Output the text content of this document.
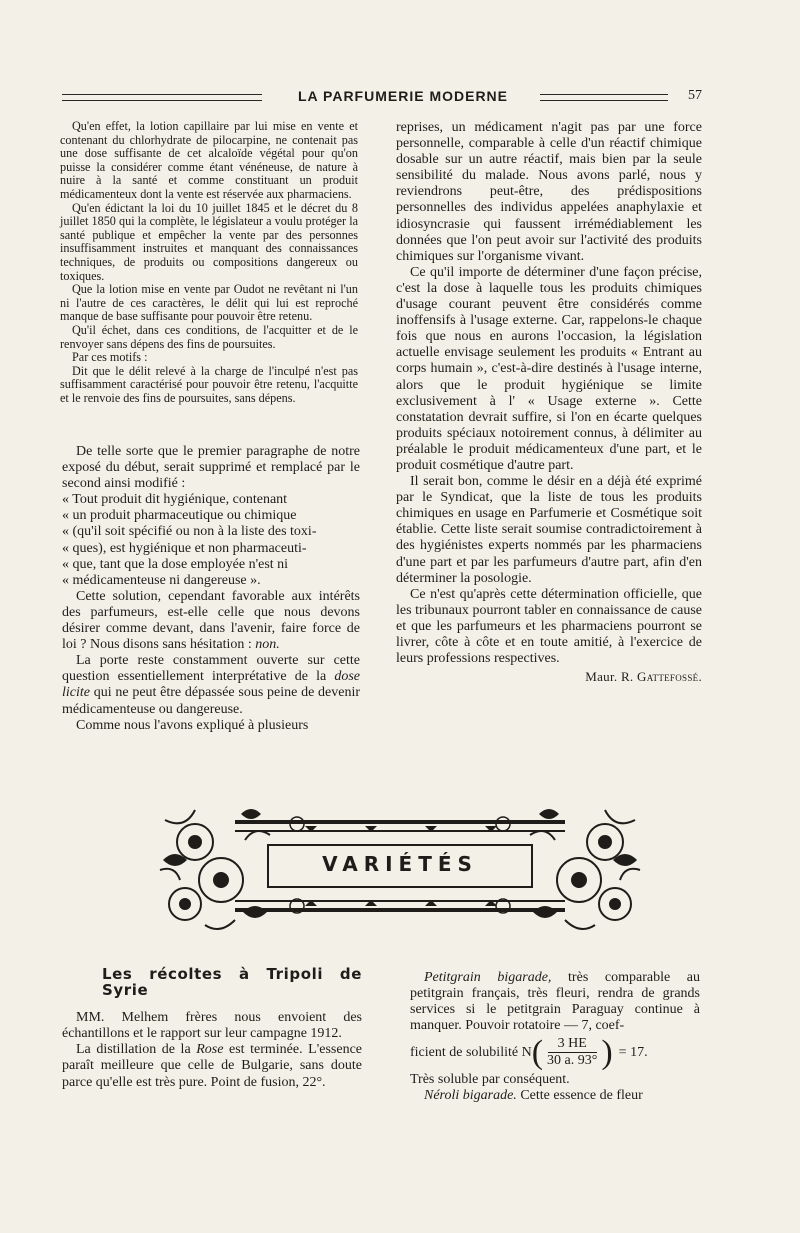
LA PARFUMERIE MODERNE	57

Qu'en effet, la lotion capillaire par lui mise en vente et contenant du chlorhydrate de pilocarpine, ne contenait pas une dose suffisante de cet alcaloïde végétal pour qu'on puisse la considérer comme étant vénéneuse, de nature à nuire à la santé et comme constituant un produit médicamenteux dont la vente est réservée aux pharmaciens.

Qu'en édictant la loi du 10 juillet 1845 et le décret du 8 juillet 1850 qui la complète, le législateur a voulu protéger la santé publique et empêcher la vente par des personnes insuffisamment instruites et manquant des connaissances techniques, de produits ou compositions dangereux ou toxiques.

Que la lotion mise en vente par Oudot ne revêtant ni l'un ni l'autre de ces caractères, le délit qui lui est reproché manque de base suffisante pour pouvoir être retenu.

Qu'il échet, dans ces conditions, de l'acquitter et de le renvoyer sans dépens des fins de poursuites.

Par ces motifs :

Dit que le délit relevé à la charge de l'inculpé n'est pas suffisamment caractérisé pour pouvoir être retenu, l'acquitte et le renvoie des fins de poursuites, sans dépens.

De telle sorte que le premier paragraphe de notre exposé du début, serait supprimé et remplacé par le second ainsi modifié :

« Tout produit dit hygiénique, contenant

« un produit pharmaceutique ou chimique

« (qu'il soit spécifié ou non à la liste des toxi-

« ques), est hygiénique et non pharmaceuti-

« que, tant que la dose employée n'est ni

« médicamenteuse ni dangereuse ».

Cette solution, cependant favorable aux intérêts des parfumeurs, est-elle celle que nous devons désirer comme devant, dans l'avenir, faire force de loi ? Nous disons sans hésitation : non.

La porte reste constamment ouverte sur cette question essentiellement interprétative de la dose licite qui ne peut être dépassée sous peine de devenir médicamenteuse ou dangereuse.

Comme nous l'avons expliqué à plusieurs

reprises, un médicament n'agit pas par une force personnelle, comparable à celle d'un réactif chimique dosable sur un autre réactif, mais bien par la seule sensibilité du malade. Nous avons parlé, nous y reviendrons peut-être, des prédispositions personnelles des individus appelées anaphylaxie et idiosyncrasie qui faussent irrémédiablement les données que l'on peut avoir sur l'activité des produits chimiques sur l'organisme vivant.

Ce qu'il importe de déterminer d'une façon précise, c'est la dose à laquelle tous les produits chimiques d'usage courant peuvent être considérés comme inoffensifs à l'usage externe. Car, rappelons-le chaque fois que nous en aurons l'occasion, la législation actuelle envisage seulement les produits « Entrant au corps humain », c'est-à-dire destinés à l'usage interne, alors que le produit hygiénique se limite exclusivement à l' « Usage externe ». Cette constatation devrait suffire, si l'on en écarte quelques produits spéciaux notoirement connus, à délimiter au préalable le produit médicamenteux d'une part, et le produit cosmétique d'autre part.

Il serait bon, comme le désir en a déjà été exprimé par le Syndicat, que la liste de tous les produits chimiques en usage en Parfumerie et Cosmétique soit établie. Cette liste serait soumise contradictoirement à des hygiénistes experts nommés par les pharmaciens d'une part et par les parfumeurs d'autre part, afin d'en déterminer la posologie.

Ce n'est qu'après cette détermination officielle, que les tribunaux pourront tabler en connaissance de cause et que les parfumeurs et les pharmaciens pourront se livrer, côte à côte et en toute amitié, à l'exercice de leurs professions respectives.

Maur. R. Gattefossé.
VARIÉTÉS
Les récoltes à Tripoli de Syrie

MM. Melhem frères nous envoient des échantillons et le rapport sur leur campagne 1912.

La distillation de la Rose est terminée. L'essence paraît meilleure que celle de Bulgarie, sans doute parce qu'elle est très pure. Point de fusion, 22°.

Petitgrain bigarade, très comparable au petitgrain français, très fleuri, rendra de grands services si le petitgrain Paraguay continue à manquer. Pouvoir rotatoire — 7, coef-

ficient de solubilité N ( $\frac{3 HE}{30 a. 93^\circ}$ ) = 17.

Très soluble par conséquent.

Néroli bigarade. Cette essence de fleur
